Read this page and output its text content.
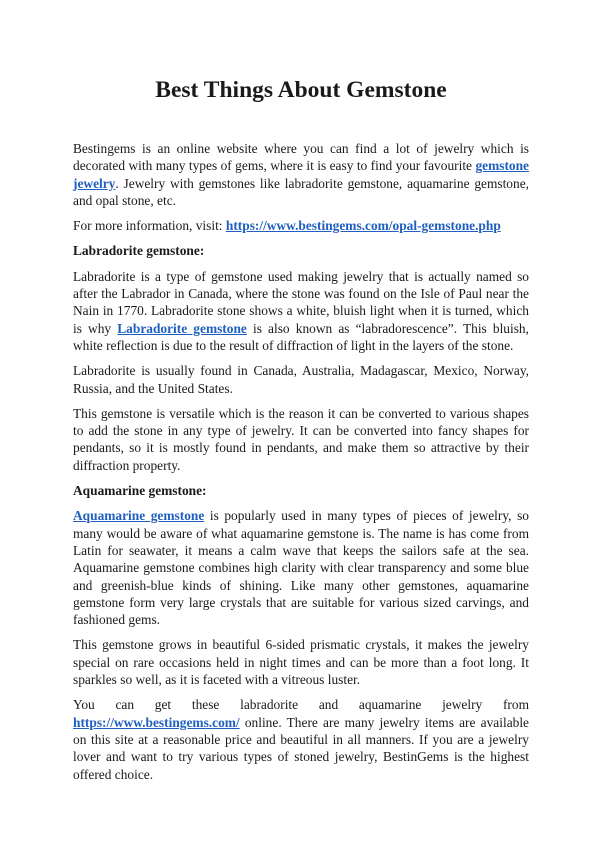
Best Things About Gemstone

Bestingems is an online website where you can find a lot of jewelry which is decorated with many types of gems, where it is easy to find your favourite gemstone jewelry. Jewelry with gemstones like labradorite gemstone, aquamarine gemstone, and opal stone, etc.

For more information, visit: https://www.bestingems.com/opal-gemstone.php

Labradorite gemstone:

Labradorite is a type of gemstone used making jewelry that is actually named so after the Labrador in Canada, where the stone was found on the Isle of Paul near the Nain in 1770. Labradorite stone shows a white, bluish light when it is turned, which is why Labradorite gemstone is also known as “labradorescence”. This bluish, white reflection is due to the result of diffraction of light in the layers of the stone.

Labradorite is usually found in Canada, Australia, Madagascar, Mexico, Norway, Russia, and the United States.

This gemstone is versatile which is the reason it can be converted to various shapes to add the stone in any type of jewelry. It can be converted into fancy shapes for pendants, so it is mostly found in pendants, and make them so attractive by their diffraction property.

Aquamarine gemstone:

Aquamarine gemstone is popularly used in many types of pieces of jewelry, so many would be aware of what aquamarine gemstone is. The name is has come from Latin for seawater, it means a calm wave that keeps the sailors safe at the sea. Aquamarine gemstone combines high clarity with clear transparency and some blue and greenish-blue kinds of shining. Like many other gemstones, aquamarine gemstone form very large crystals that are suitable for various sized carvings, and fashioned gems.

This gemstone grows in beautiful 6-sided prismatic crystals, it makes the jewelry special on rare occasions held in night times and can be more than a foot long. It sparkles so well, as it is faceted with a vitreous luster.

You can get these labradorite and aquamarine jewelry from https://www.bestingems.com/ online. There are many jewelry items are available on this site at a reasonable price and beautiful in all manners. If you are a jewelry lover and want to try various types of stoned jewelry, BestinGems is the highest offered choice.
